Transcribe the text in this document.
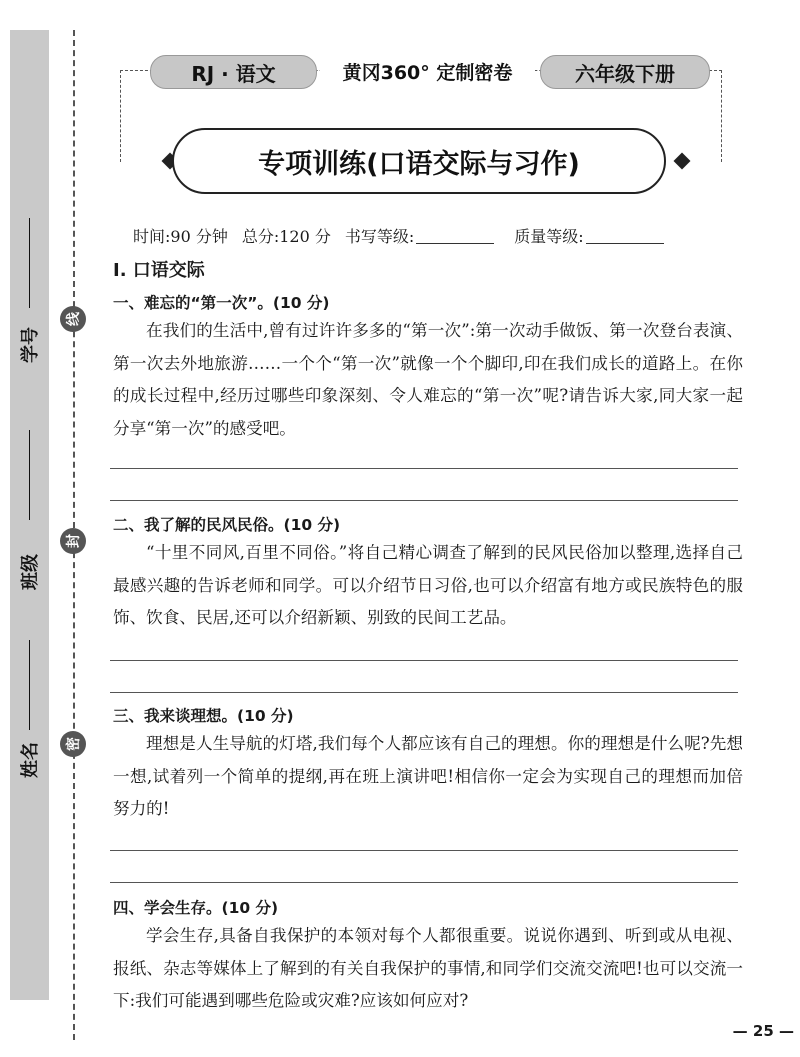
学号
班级
姓名
线
封
密
RJ · 语文	黄冈360° 定制密卷	六年级下册
专项训练(口语交际与习作)
时间:90 分钟 总分:120 分 书写等级:	质量等级:
Ⅰ. 口语交际
一、难忘的“第一次”。(10 分)

在我们的生活中,曾有过许许多多的“第一次”:第一次动手做饭、第一次登台表演、第一次去外地旅游……一个个“第一次”就像一个个脚印,印在我们成长的道路上。在你的成长过程中,经历过哪些印象深刻、令人难忘的“第一次”呢?请告诉大家,同大家一起分享“第一次”的感受吧。

二、我了解的民风民俗。(10 分)

“十里不同风,百里不同俗。”将自己精心调查了解到的民风民俗加以整理,选择自己最感兴趣的告诉老师和同学。可以介绍节日习俗,也可以介绍富有地方或民族特色的服饰、饮食、民居,还可以介绍新颖、别致的民间工艺品。

三、我来谈理想。(10 分)

理想是人生导航的灯塔,我们每个人都应该有自己的理想。你的理想是什么呢?先想一想,试着列一个简单的提纲,再在班上演讲吧!相信你一定会为实现自己的理想而加倍努力的!

四、学会生存。(10 分)

学会生存,具备自我保护的本领对每个人都很重要。说说你遇到、听到或从电视、报纸、杂志等媒体上了解到的有关自我保护的事情,和同学们交流交流吧!也可以交流一下:我们可能遇到哪些危险或灾难?应该如何应对?

— 25 —
